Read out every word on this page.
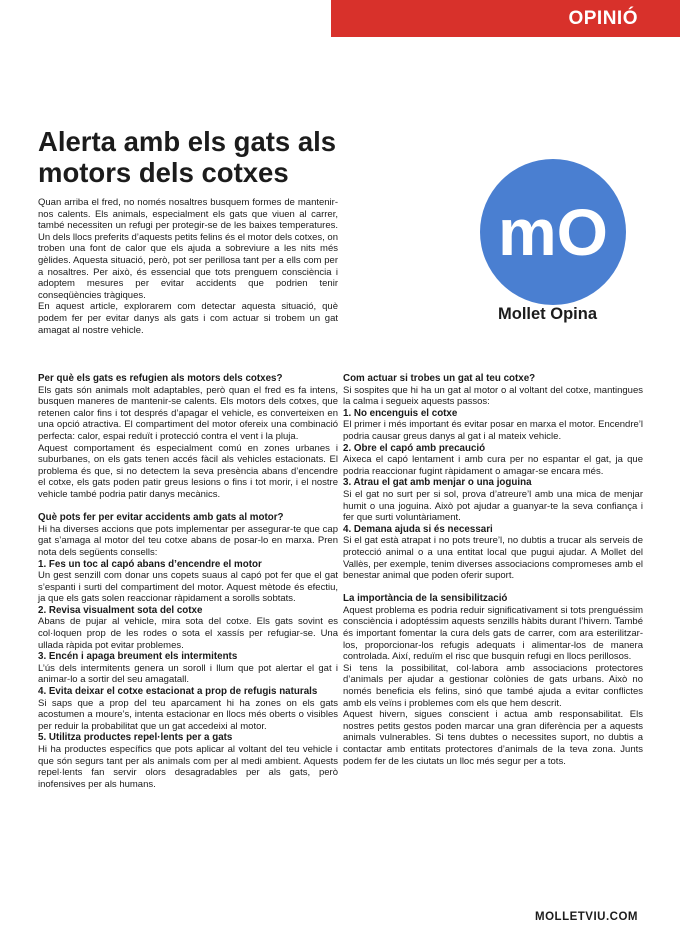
OPINIÓ
Alerta amb els gats als motors dels cotxes
mO
Mollet Opina

Quan arriba el fred, no només nosaltres busquem formes de mantenir-nos calents. Els animals, especialment els gats que viuen al carrer, també necessiten un refugi per protegir-se de les baixes temperatures. Un dels llocs preferits d’aquests petits felins és el motor dels cotxes, on troben una font de calor que els ajuda a sobreviure a les nits més gèlides. Aquesta situació, però, pot ser perillosa tant per a ells com per a nosaltres. Per això, és essencial que tots prenguem consciència i adoptem mesures per evitar accidents que podrien tenir conseqüències tràgiques.

En aquest article, explorarem com detectar aquesta situació, què podem fer per evitar danys als gats i com actuar si trobem un gat amagat al nostre vehicle.

Per què els gats es refugien als motors dels cotxes?

Els gats són animals molt adaptables, però quan el fred es fa intens, busquen maneres de mantenir-se calents. Els motors dels cotxes, que retenen calor fins i tot després d’apagar el vehicle, es converteixen en una opció atractiva. El compartiment del motor ofereix una combinació perfecta: calor, espai reduït i protecció contra el vent i la pluja.

Aquest comportament és especialment comú en zones urbanes i suburbanes, on els gats tenen accés fàcil als vehicles estacionats. El problema és que, si no detectem la seva presència abans d’encendre el cotxe, els gats poden patir greus lesions o fins i tot morir, i el nostre vehicle també podria patir danys mecànics.

Què pots fer per evitar accidents amb gats al motor?

Hi ha diverses accions que pots implementar per assegurar-te que cap gat s’amaga al motor del teu cotxe abans de posar-lo en marxa. Pren nota dels següents consells:

1. Fes un toc al capó abans d’encendre el motor

Un gest senzill com donar uns copets suaus al capó pot fer que el gat s’espanti i surti del compartiment del motor. Aquest mètode és efectiu, ja que els gats solen reaccionar ràpidament a sorolls sobtats.

2. Revisa visualment sota del cotxe

Abans de pujar al vehicle, mira sota del cotxe. Els gats sovint es col·loquen prop de les rodes o sota el xassís per refugiar-se. Una ullada ràpida pot evitar problemes.

3. Encén i apaga breument els intermitents

L’ús dels intermitents genera un soroll i llum que pot alertar el gat i animar-lo a sortir del seu amagatall.

4. Evita deixar el cotxe estacionat a prop de refugis naturals

Si saps que a prop del teu aparcament hi ha zones on els gats acostumen a moure’s, intenta estacionar en llocs més oberts o visibles per reduir la probabilitat que un gat accedeixi al motor.

5. Utilitza productes repel·lents per a gats

Hi ha productes específics que pots aplicar al voltant del teu vehicle i que són segurs tant per als animals com per al medi ambient. Aquests repel·lents fan servir olors desagradables per als gats, però inofensives per als humans.

Com actuar si trobes un gat al teu cotxe?

Si sospites que hi ha un gat al motor o al voltant del cotxe, mantingues la calma i segueix aquests passos:

1. No encenguis el cotxe

El primer i més important és evitar posar en marxa el motor. Encendre’l podria causar greus danys al gat i al mateix vehicle.

2. Obre el capó amb precaució

Aixeca el capó lentament i amb cura per no espantar el gat, ja que podria reaccionar fugint ràpidament o amagar-se encara més.

3. Atrau el gat amb menjar o una joguina

Si el gat no surt per si sol, prova d’atreure’l amb una mica de menjar humit o una joguina. Això pot ajudar a guanyar-te la seva confiança i fer que surti voluntàriament.

4. Demana ajuda si és necessari

Si el gat està atrapat i no pots treure’l, no dubtis a trucar als serveis de protecció animal o a una entitat local que pugui ajudar. A Mollet del Vallès, per exemple, tenim diverses associacions compromeses amb el benestar animal que poden oferir suport.

La importància de la sensibilització

Aquest problema es podria reduir significativament si tots prenguéssim consciència i adoptéssim aquests senzills hàbits durant l’hivern. També és important fomentar la cura dels gats de carrer, com ara esterilitzar-los, proporcionar-los refugis adequats i alimentar-los de manera controlada. Així, reduïm el risc que busquin refugi en llocs perillosos.

Si tens la possibilitat, col·labora amb associacions protectores d’animals per ajudar a gestionar colònies de gats urbans. Això no només beneficia els felins, sinó que també ajuda a evitar conflictes amb els veïns i problemes com els que hem descrit.

Aquest hivern, sigues conscient i actua amb responsabilitat. Els nostres petits gestos poden marcar una gran diferència per a aquests animals vulnerables. Si tens dubtes o necessites suport, no dubtis a contactar amb entitats protectores d’animals de la teva zona. Junts podem fer de les ciutats un lloc més segur per a tots.

MOLLETVIU.COM
